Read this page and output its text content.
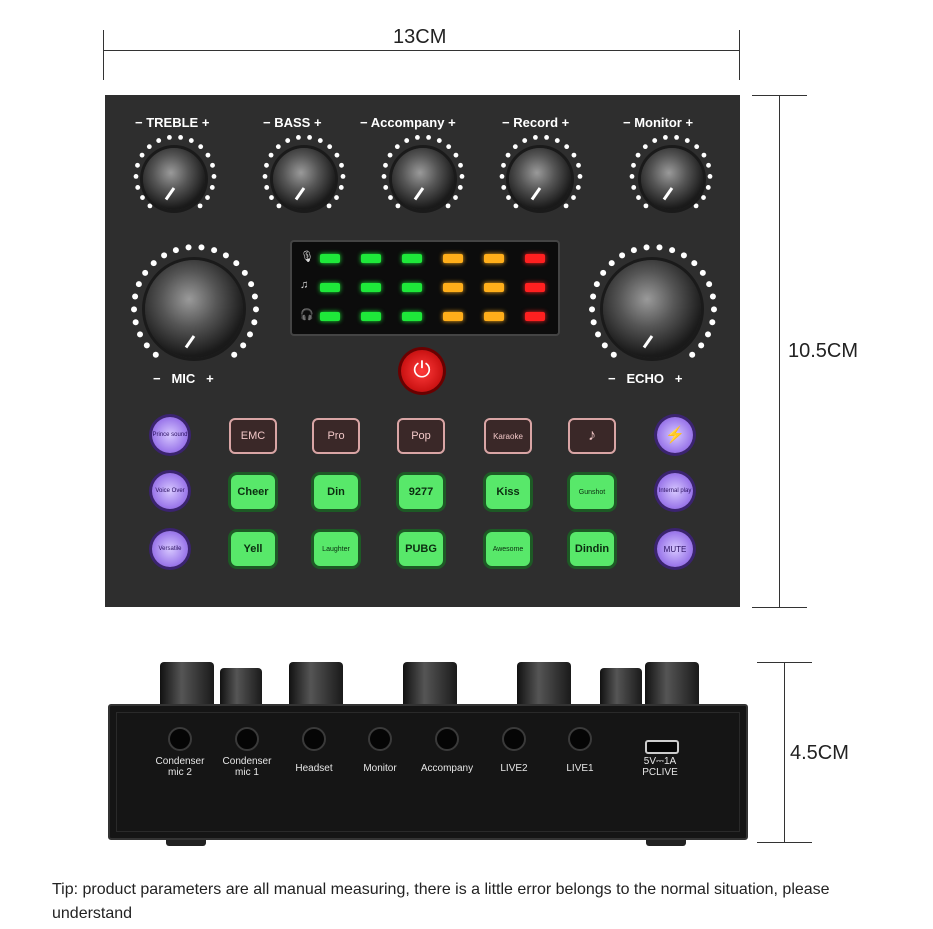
13CM
10.5CM
4.5CM
− TREBLE +	− BASS +	− Accompany +	− Record +	− Monitor +
− MIC +	− ECHO +
🎙
♫
🎧
⏻
Prince sound
Voice Over
Versatile
⚡
Internal play
MUTE
EMC	Pro	Pop	Karaoke	♪
Cheer	Din	9277	Kiss	Gunshot
Yell	Laughter	PUBG	Awesome	Dindin
Condenser mic 2
Condenser mic 1	Headset	Monitor	Accompany	LIVE2	LIVE1
5V⎓1A PCLIVE
Tip: product parameters are all manual measuring, there is a little error belongs to the normal situation, please understand
